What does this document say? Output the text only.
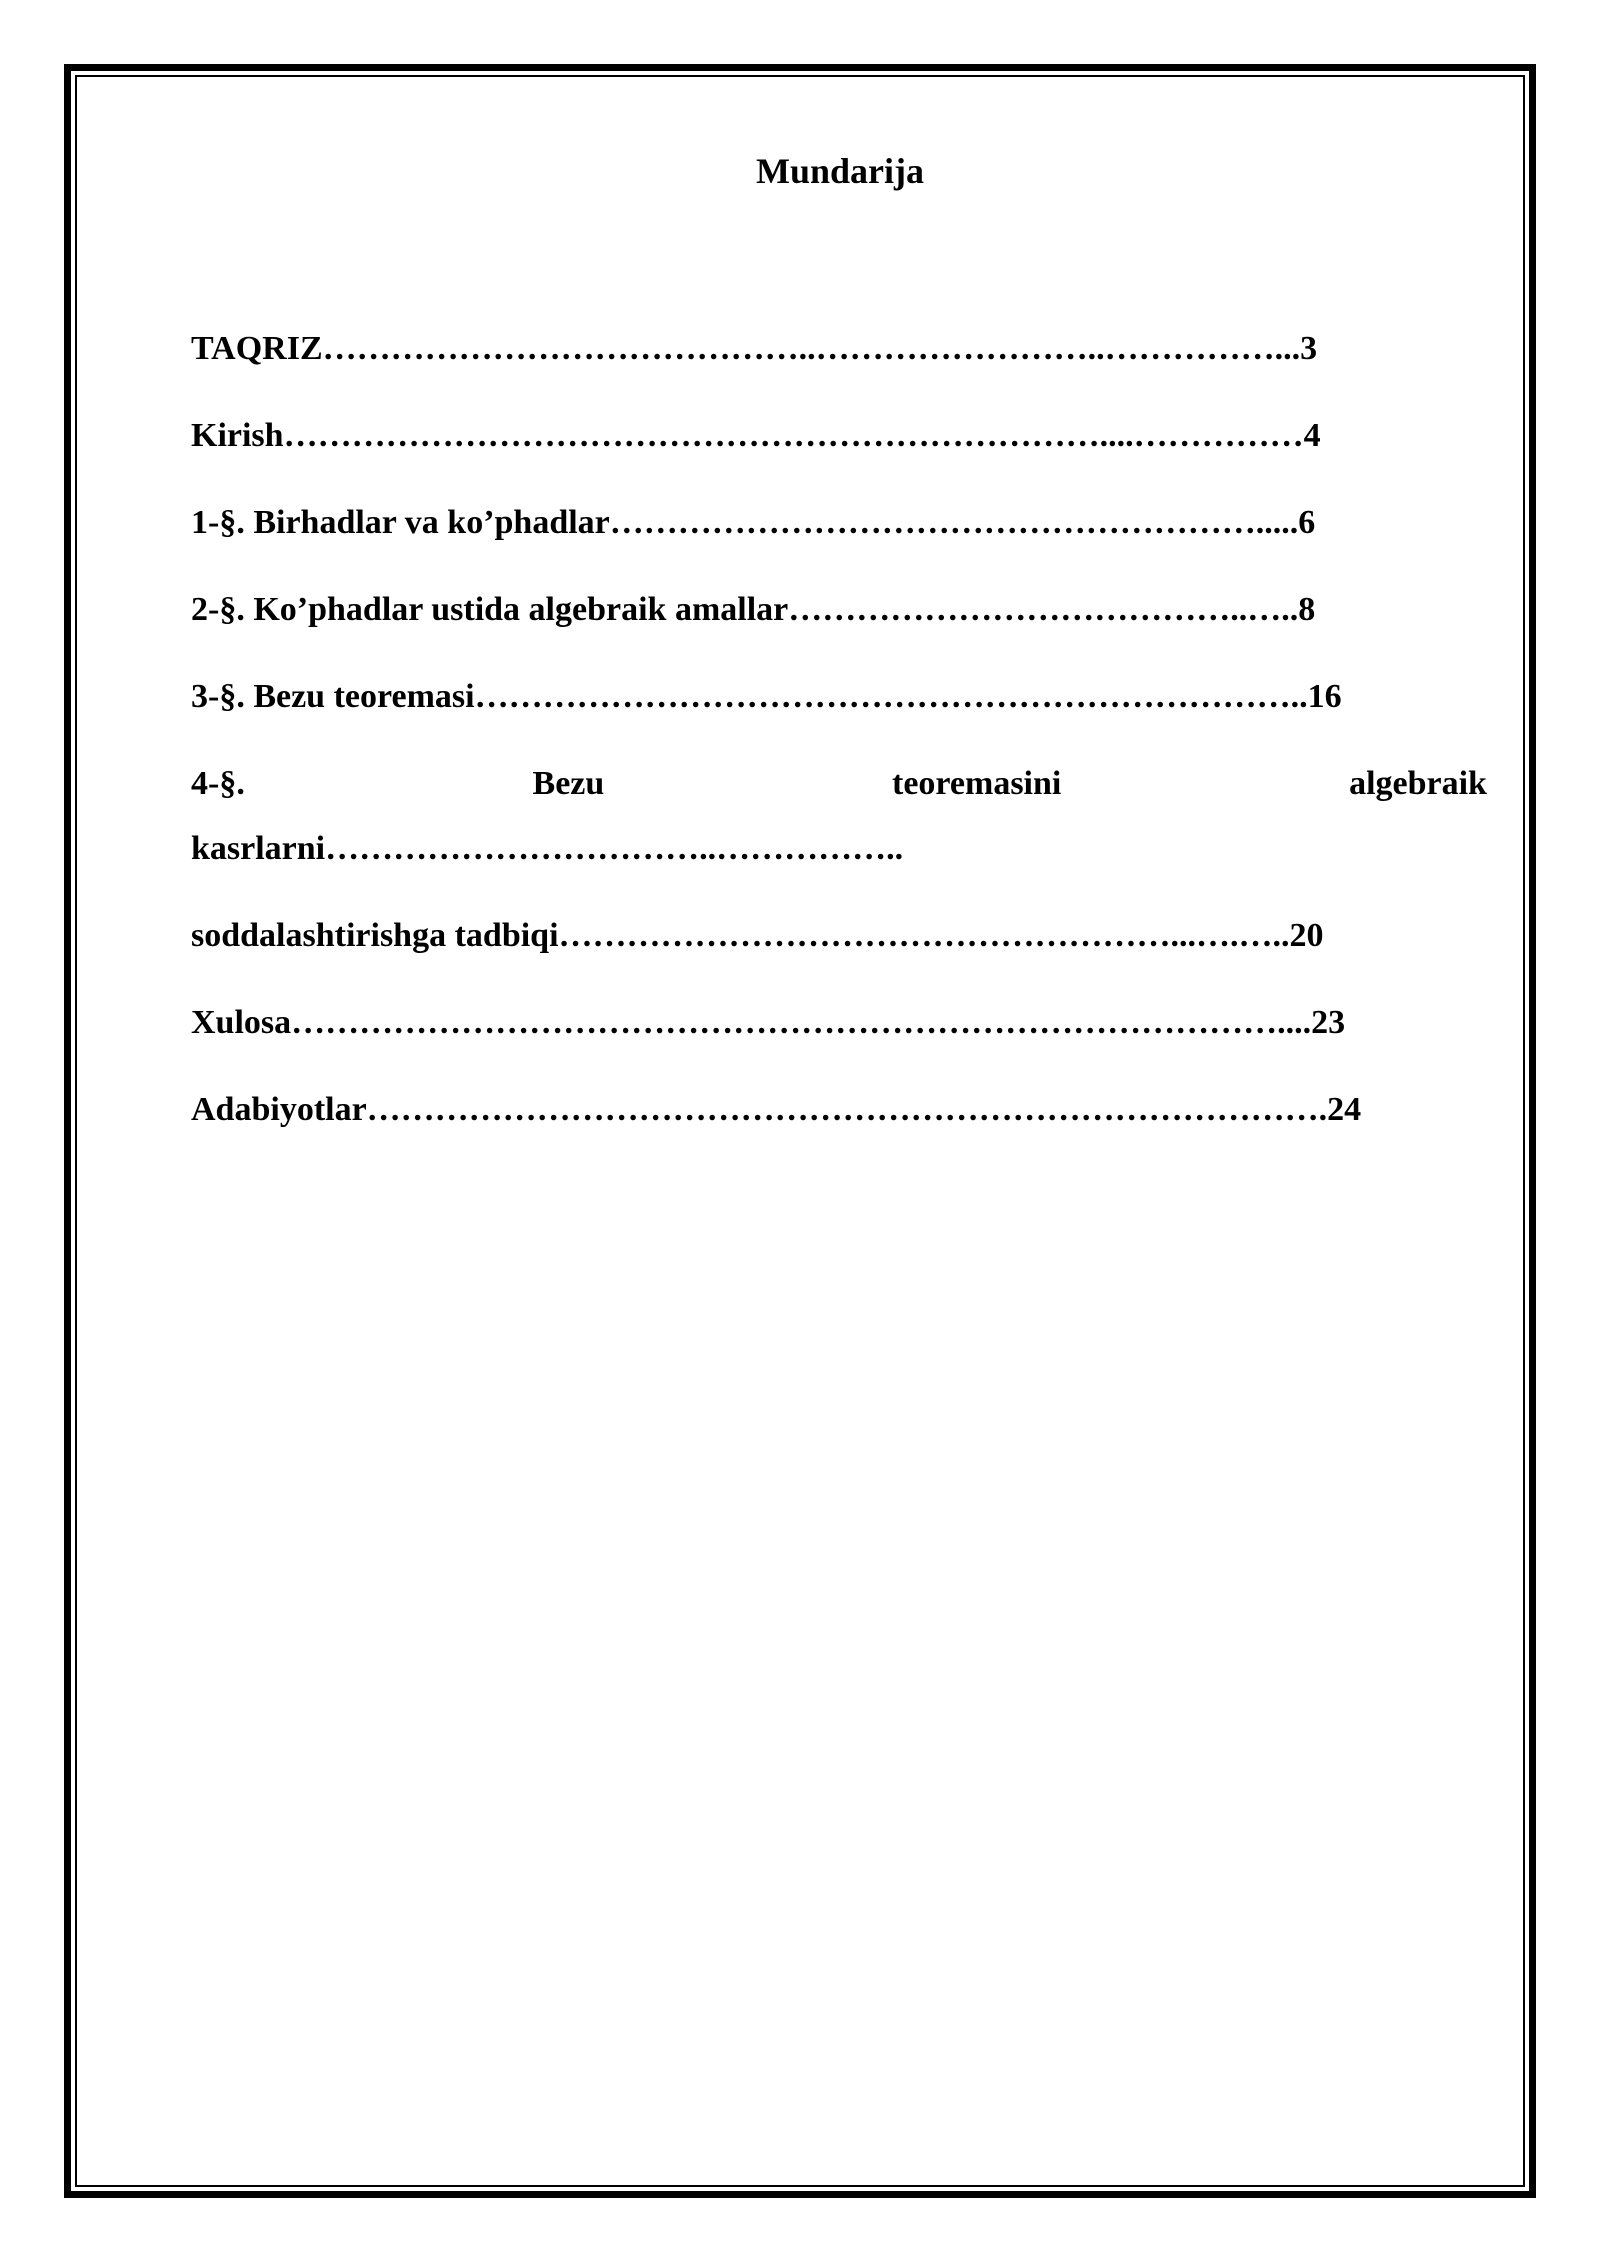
Mundarija
TAQRIZ……………………………………..……………………..……………...3
Kirish………………………………………………………………....……………4
1-§. Birhadlar va ko’phadlar………………………………………………….....6
2-§. Ko’phadlar ustida algebraik amallar…………………………………..…..8
3-§. Bezu teoremasi………………………………………………………………..16
4-§.	Bezu	teoremasini	algebraik
kasrlarni……………………………..……………..
soddalashtirishga tadbiqi………………………………………………...….…..20
Xulosa……………………………………………………………………………....23
Adabiyotlar………………………………………………………………………….24
